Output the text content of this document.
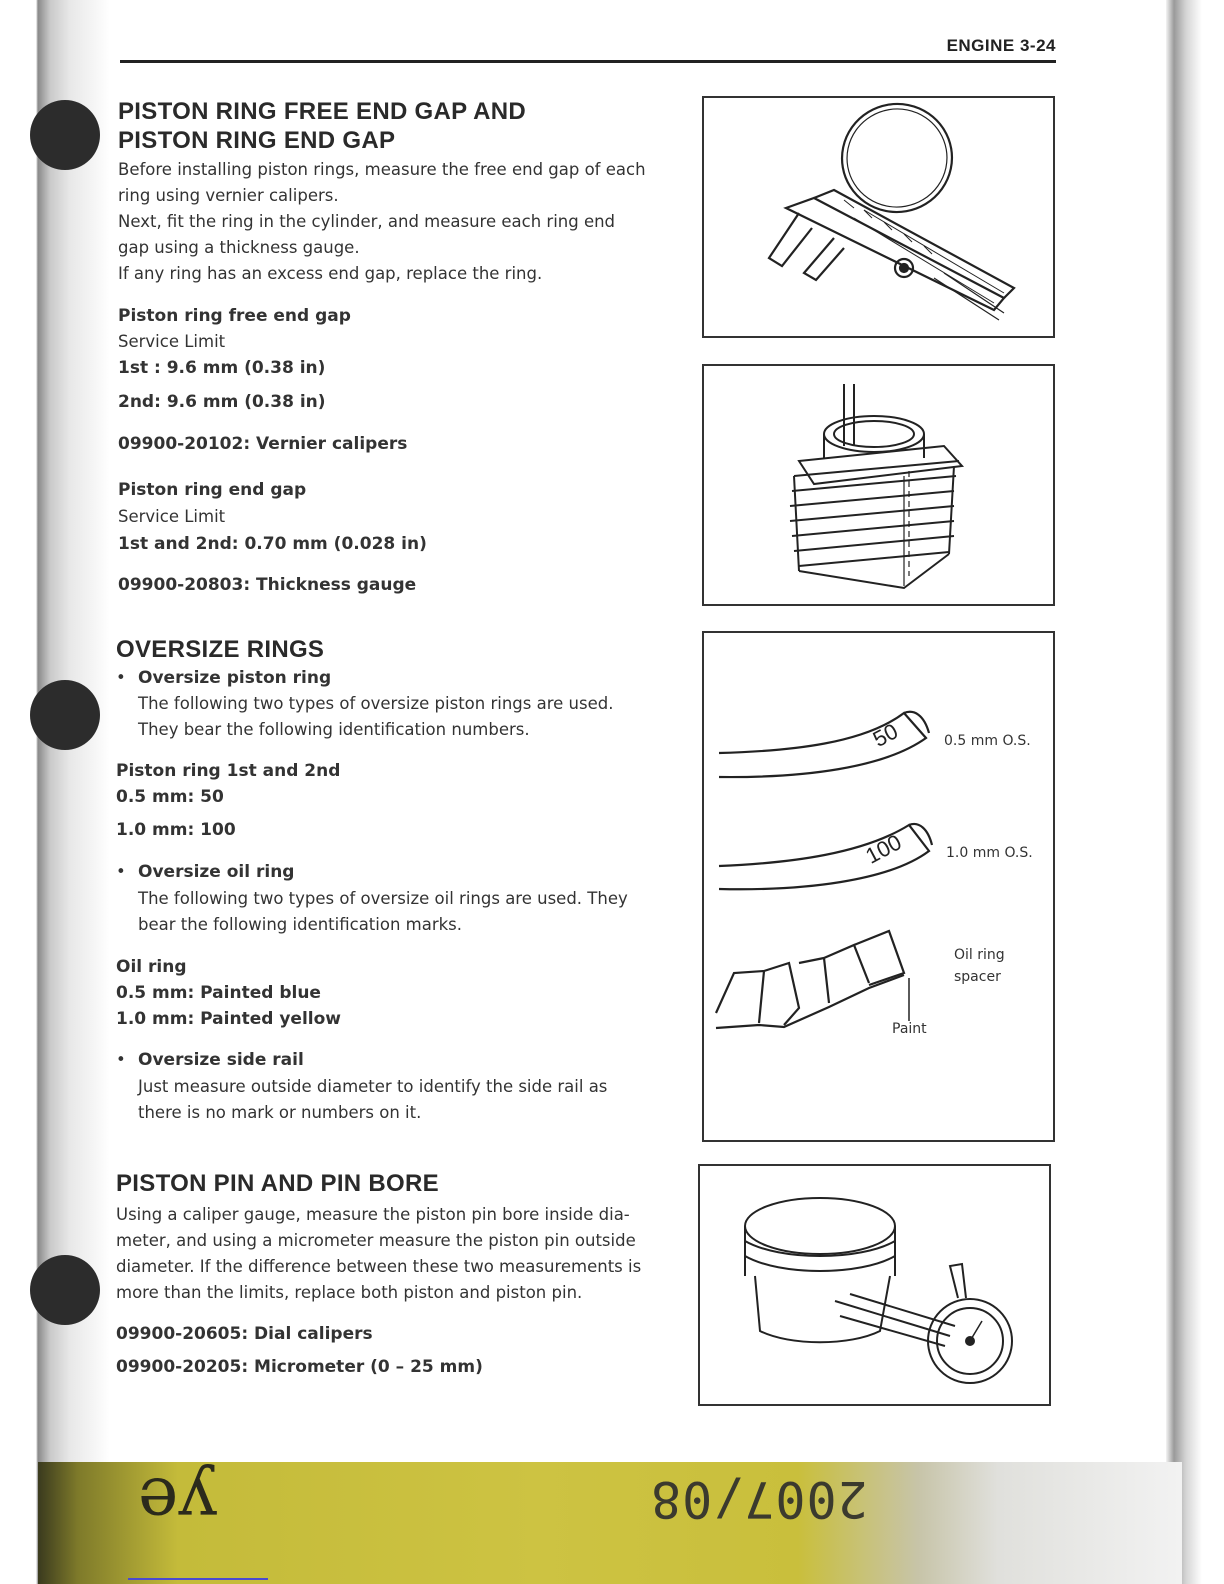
ENGINE 3-24
PISTON RING FREE END GAP AND
PISTON RING END GAP
Before installing piston rings, measure the free end gap of each
ring using vernier calipers.
Next, fit the ring in the cylinder, and measure each ring end
gap using a thickness gauge.
If any ring has an excess end gap, replace the ring.
Piston ring free end gap
Service Limit
1st : 9.6 mm (0.38 in)
2nd: 9.6 mm (0.38 in)
09900-20102: Vernier calipers
Piston ring end gap
Service Limit
1st and 2nd: 0.70 mm (0.028 in)
09900-20803: Thickness gauge
OVERSIZE RINGS
• Oversize piston ring
The following two types of oversize piston rings are used.
They bear the following identification numbers.
Piston ring 1st and 2nd
0.5 mm: 50
1.0 mm: 100
• Oversize oil ring
The following two types of oversize oil rings are used. They
bear the following identification marks.
Oil ring
0.5 mm: Painted blue
1.0 mm: Painted yellow
• Oversize side rail
Just measure outside diameter to identify the side rail as
there is no mark or numbers on it.
PISTON PIN AND PIN BORE
Using a caliper gauge, measure the piston pin bore inside dia-
meter, and using a micrometer measure the piston pin outside
diameter. If the difference between these two measurements is
more than the limits, replace both piston and piston pin.
09900-20605: Dial calipers
09900-20205: Micrometer (0 – 25 mm)
50
100
0.5 mm O.S.
1.0 mm O.S.
Oil ring
spacer
Paint
2007/08
ye
